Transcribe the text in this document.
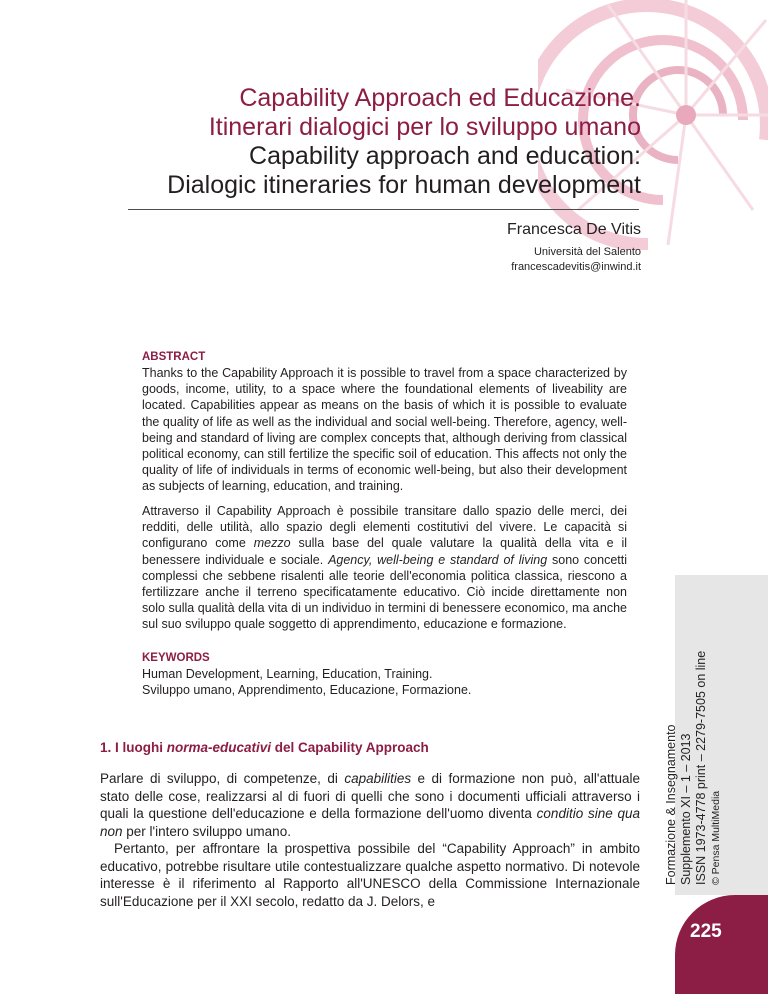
Capability Approach ed Educazione.
Itinerari dialogici per lo sviluppo umano
Capability approach and education:
Dialogic itineraries for human development
Francesca De Vitis
Università del Salento
francescadevitis@inwind.it
ABSTRACT

Thanks to the Capability Approach it is possible to travel from a space characterized by goods, income, utility, to a space where the foundational elements of liveability are located. Capabilities appear as means on the basis of which it is possible to evaluate the quality of life as well as the individual and social well-being. Therefore, agency, well-being and standard of living are complex concepts that, although deriving from classical political economy, can still fertilize the specific soil of education. This affects not only the quality of life of individuals in terms of economic well-being, but also their development as subjects of learning, education, and training.

Attraverso il Capability Approach è possibile transitare dallo spazio delle merci, dei redditi, delle utilità, allo spazio degli elementi costitutivi del vivere. Le capacità si configurano come mezzo sulla base del quale valutare la qualità della vita e il benessere individuale e sociale. Agency, well-being e standard of living sono concetti complessi che sebbene risalenti alle teorie dell'economia politica classica, riescono a fertilizzare anche il terreno specificatamente educativo. Ciò incide direttamente non solo sulla qualità della vita di un individuo in termini di benessere economico, ma anche sul suo sviluppo quale soggetto di apprendimento, educazione e formazione.

KEYWORDS
Human Development, Learning, Education, Training.
Sviluppo umano, Apprendimento, Educazione, Formazione.
1. I luoghi norma-educativi del Capability Approach

Parlare di sviluppo, di competenze, di capabilities e di formazione non può, all'attuale stato delle cose, realizzarsi al di fuori di quelli che sono i documenti ufficiali attraverso i quali la questione dell'educazione e della formazione dell'uomo diventa conditio sine qua non per l'intero sviluppo umano.

Pertanto, per affrontare la prospettiva possibile del “Capability Approach” in ambito educativo, potrebbe risultare utile contestualizzare qualche aspetto normativo. Di notevole interesse è il riferimento al Rapporto all'UNESCO della Commissione Internazionale sull'Educazione per il XXI secolo, redatto da J. Delors, e

Formazione & Insegnamento Supplemento XI – 1 – 2013 ISSN 1973-4778 print – 2279-7505 on line © Pensa MultiMedia
225
